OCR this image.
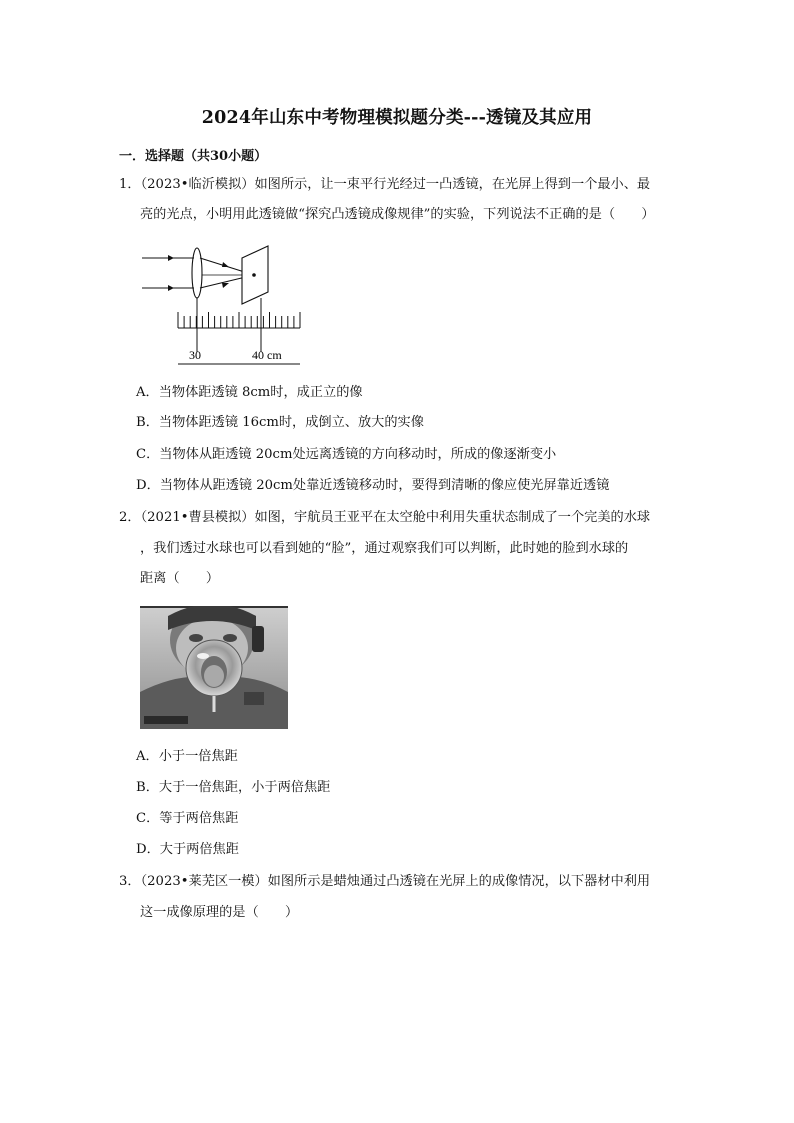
2024年山东中考物理模拟题分类---透镜及其应用
一．选择题（共30小题）
1．（2023•临沂模拟）如图所示，让一束平行光经过一凸透镜，在光屏上得到一个最小、最
亮的光点，小明用此透镜做“探究凸透镜成像规律”的实验，下列说法不正确的是（　　）
30	40 cm
A．当物体距透镜 8cm时，成正立的像
B．当物体距透镜 16cm时，成倒立、放大的实像
C．当物体从距透镜 20cm处远离透镜的方向移动时，所成的像逐渐变小
D．当物体从距透镜 20cm处靠近透镜移动时，要得到清晰的像应使光屏靠近透镜
2．（2021•曹县模拟）如图，宇航员王亚平在太空舱中利用失重状态制成了一个完美的水球
，我们透过水球也可以看到她的“脸”，通过观察我们可以判断，此时她的脸到水球的
距离（　　）
A．小于一倍焦距
B．大于一倍焦距，小于两倍焦距
C．等于两倍焦距
D．大于两倍焦距
3．（2023•莱芜区一模）如图所示是蜡烛通过凸透镜在光屏上的成像情况，以下器材中利用
这一成像原理的是（　　）
